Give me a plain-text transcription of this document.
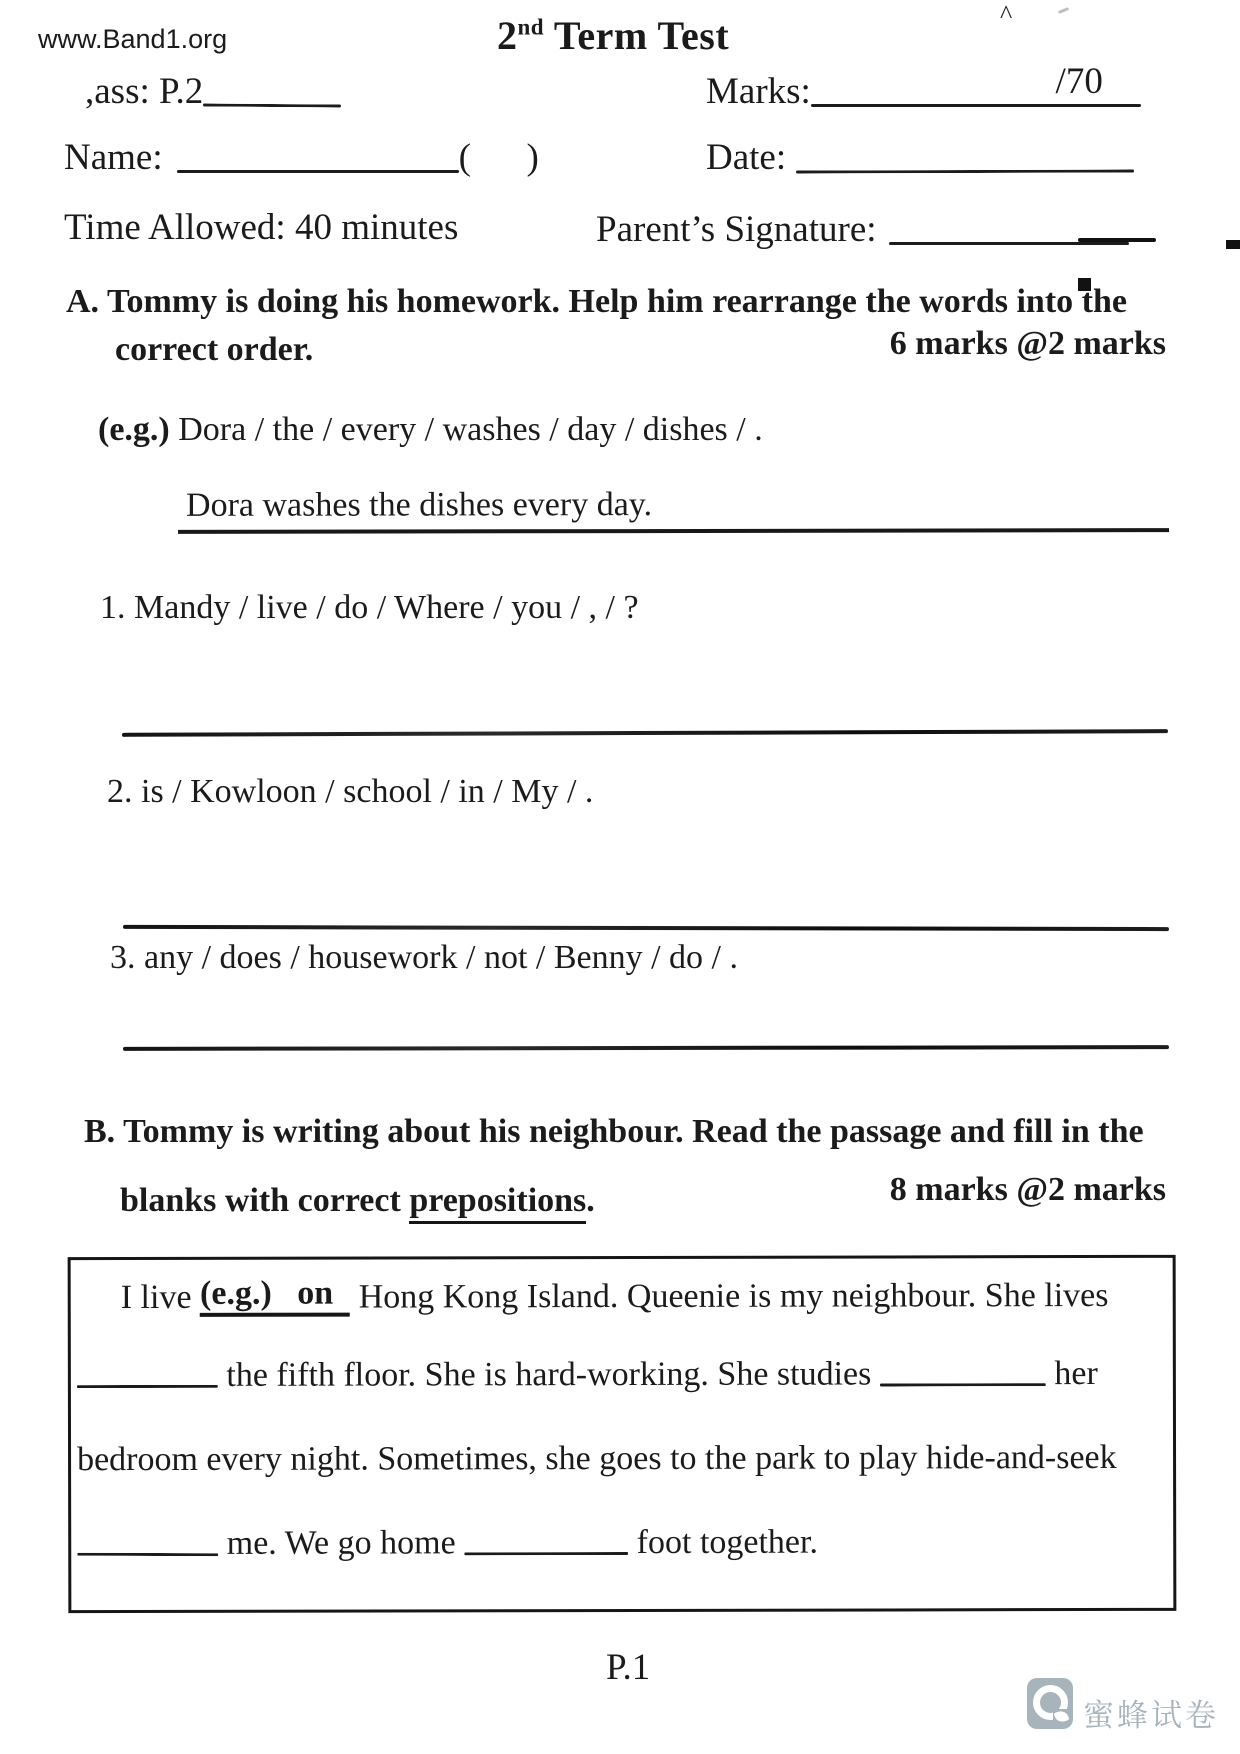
www.Band1.org	2nd Term Test	^
,ass: P.2	Marks:	/70
Name:	(      )	Date:
Time Allowed: 40 minutes	Parent’s Signature:
A. Tommy is doing his homework. Help him rearrange the words into the
correct order.	6 marks @2 marks
(e.g.) Dora / the / every / washes / day / dishes / .
Dora washes the dishes every day.
1. Mandy / live / do / Where / you / , / ?
2. is / Kowloon / school / in / My / .
3. any / does / housework / not / Benny / do / .
B. Tommy is writing about his neighbour. Read the passage and fill in the
blanks with correct prepositions.	8 marks @2 marks
I live (e.g.)   on Hong Kong Island. Queenie is my neighbour. She lives
the fifth floor. She is hard-working. She studies	her
bedroom every night. Sometimes, she goes to the park to play hide-and-seek
me. We go home	foot together.
P.1
蜜蜂试卷
